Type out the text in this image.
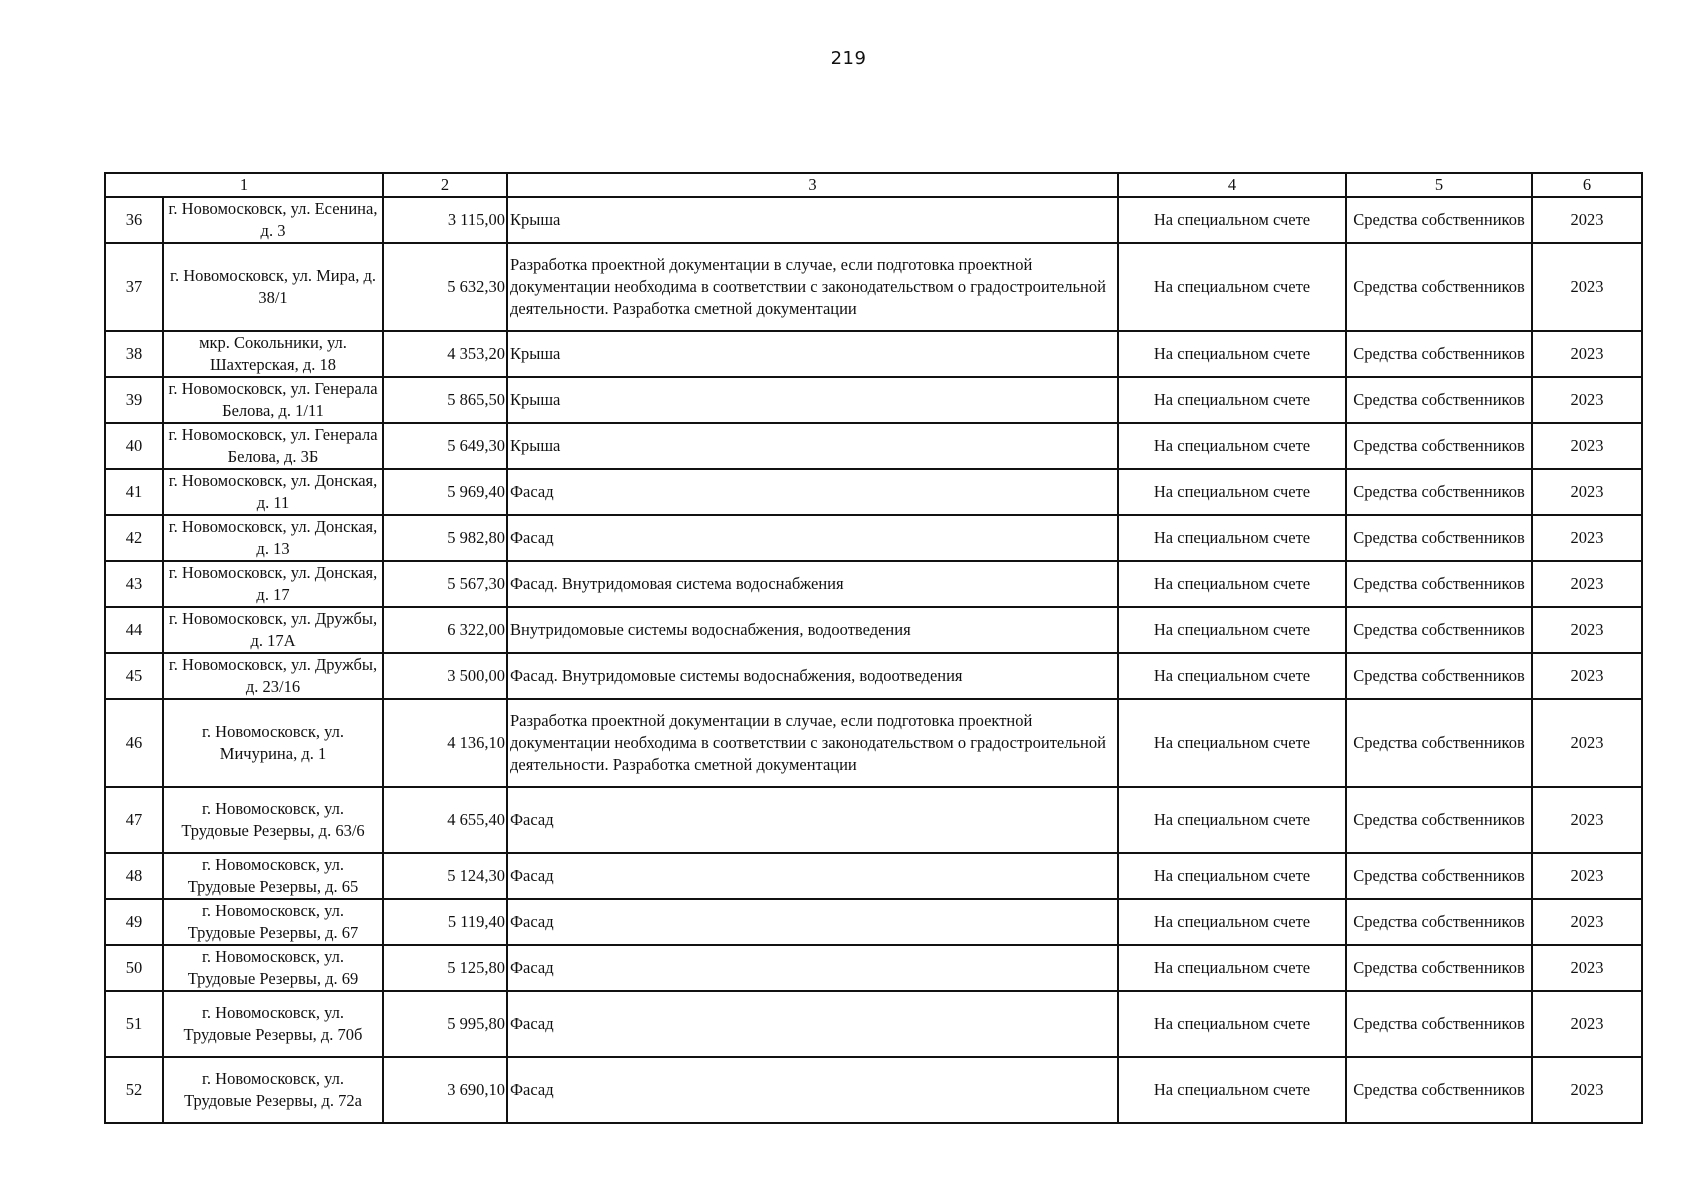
219
1		2	3	4	5	6
36	г. Новомосковск, ул. Есенина, д. 3	3 115,00	Крыша	На специальном счете	Средства собственников	2023
37	г. Новомосковск, ул. Мира, д. 38/1	5 632,30	Разработка проектной документации в случае, если подготовка проектной документации необходима в соответствии с законодательством о градостроительной деятельности. Разработка сметной документации	На специальном счете	Средства собственников	2023
38	мкр. Сокольники, ул. Шахтерская, д. 18	4 353,20	Крыша	На специальном счете	Средства собственников	2023
39	г. Новомосковск, ул. Генерала Белова, д. 1/11	5 865,50	Крыша	На специальном счете	Средства собственников	2023
40	г. Новомосковск, ул. Генерала Белова, д. 3Б	5 649,30	Крыша	На специальном счете	Средства собственников	2023
41	г. Новомосковск, ул. Донская, д. 11	5 969,40	Фасад	На специальном счете	Средства собственников	2023
42	г. Новомосковск, ул. Донская, д. 13	5 982,80	Фасад	На специальном счете	Средства собственников	2023
43	г. Новомосковск, ул. Донская, д. 17	5 567,30	Фасад. Внутридомовая система водоснабжения	На специальном счете	Средства собственников	2023
44	г. Новомосковск, ул. Дружбы, д. 17А	6 322,00	Внутридомовые системы водоснабжения, водоотведения	На специальном счете	Средства собственников	2023
45	г. Новомосковск, ул. Дружбы, д. 23/16	3 500,00	Фасад. Внутридомовые системы водоснабжения, водоотведения	На специальном счете	Средства собственников	2023
46	г. Новомосковск, ул. Мичурина, д. 1	4 136,10	Разработка проектной документации в случае, если подготовка проектной документации необходима в соответствии с законодательством о градостроительной деятельности. Разработка сметной документации	На специальном счете	Средства собственников	2023
47	г. Новомосковск, ул. Трудовые Резервы, д. 63/6	4 655,40	Фасад	На специальном счете	Средства собственников	2023
48	г. Новомосковск, ул. Трудовые Резервы, д. 65	5 124,30	Фасад	На специальном счете	Средства собственников	2023
49	г. Новомосковск, ул. Трудовые Резервы, д. 67	5 119,40	Фасад	На специальном счете	Средства собственников	2023
50	г. Новомосковск, ул. Трудовые Резервы, д. 69	5 125,80	Фасад	На специальном счете	Средства собственников	2023
51	г. Новомосковск, ул. Трудовые Резервы, д. 70б	5 995,80	Фасад	На специальном счете	Средства собственников	2023
52	г. Новомосковск, ул. Трудовые Резервы, д. 72а	3 690,10	Фасад	На специальном счете	Средства собственников	2023
